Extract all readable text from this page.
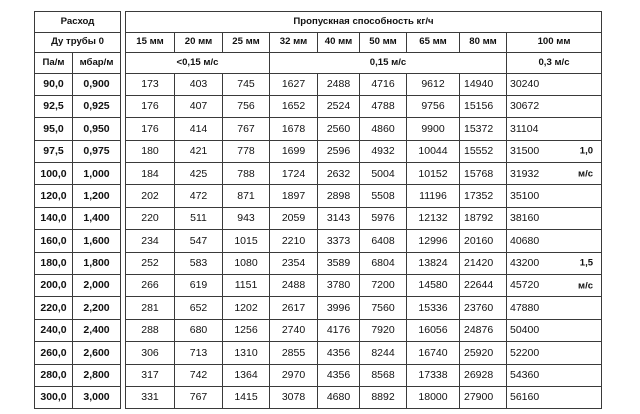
Расход			Пропускная способность кг/ч								
Ду трубы 0			15 мм	20 мм	25 мм	32 мм	40 мм	50 мм	65 мм	80 мм	100 мм
Па/м	мбар/м		<0,15 м/с			0,15 м/с					0,3 м/с
90,0	0,900		173	403	745	1627	2488	4716	9612	14940	30240
92,5	0,925		176	407	756	1652	2524	4788	9756	15156	30672
95,0	0,950		176	414	767	1678	2560	4860	9900	15372	31104
97,5	0,975		180	421	778	1699	2596	4932	10044	15552	31500 1,0

100,0	1,000		184	425	788	1724	2632	5004	10152	15768	31932 м/с

120,0	1,200		202	472	871	1897	2898	5508	11196	17352	35100
140,0	1,400		220	511	943	2059	3143	5976	12132	18792	38160
160,0	1,600		234	547	1015	2210	3373	6408	12996	20160	40680
180,0	1,800		252	583	1080	2354	3589	6804	13824	21420	43200 1,5

200,0	2,000		266	619	1151	2488	3780	7200	14580	22644	45720 м/с

220,0	2,200		281	652	1202	2617	3996	7560	15336	23760	47880
240,0	2,400		288	680	1256	2740	4176	7920	16056	24876	50400
260,0	2,600		306	713	1310	2855	4356	8244	16740	25920	52200
280,0	2,800		317	742	1364	2970	4356	8568	17338	26928	54360
300,0	3,000		331	767	1415	3078	4680	8892	18000	27900	56160
